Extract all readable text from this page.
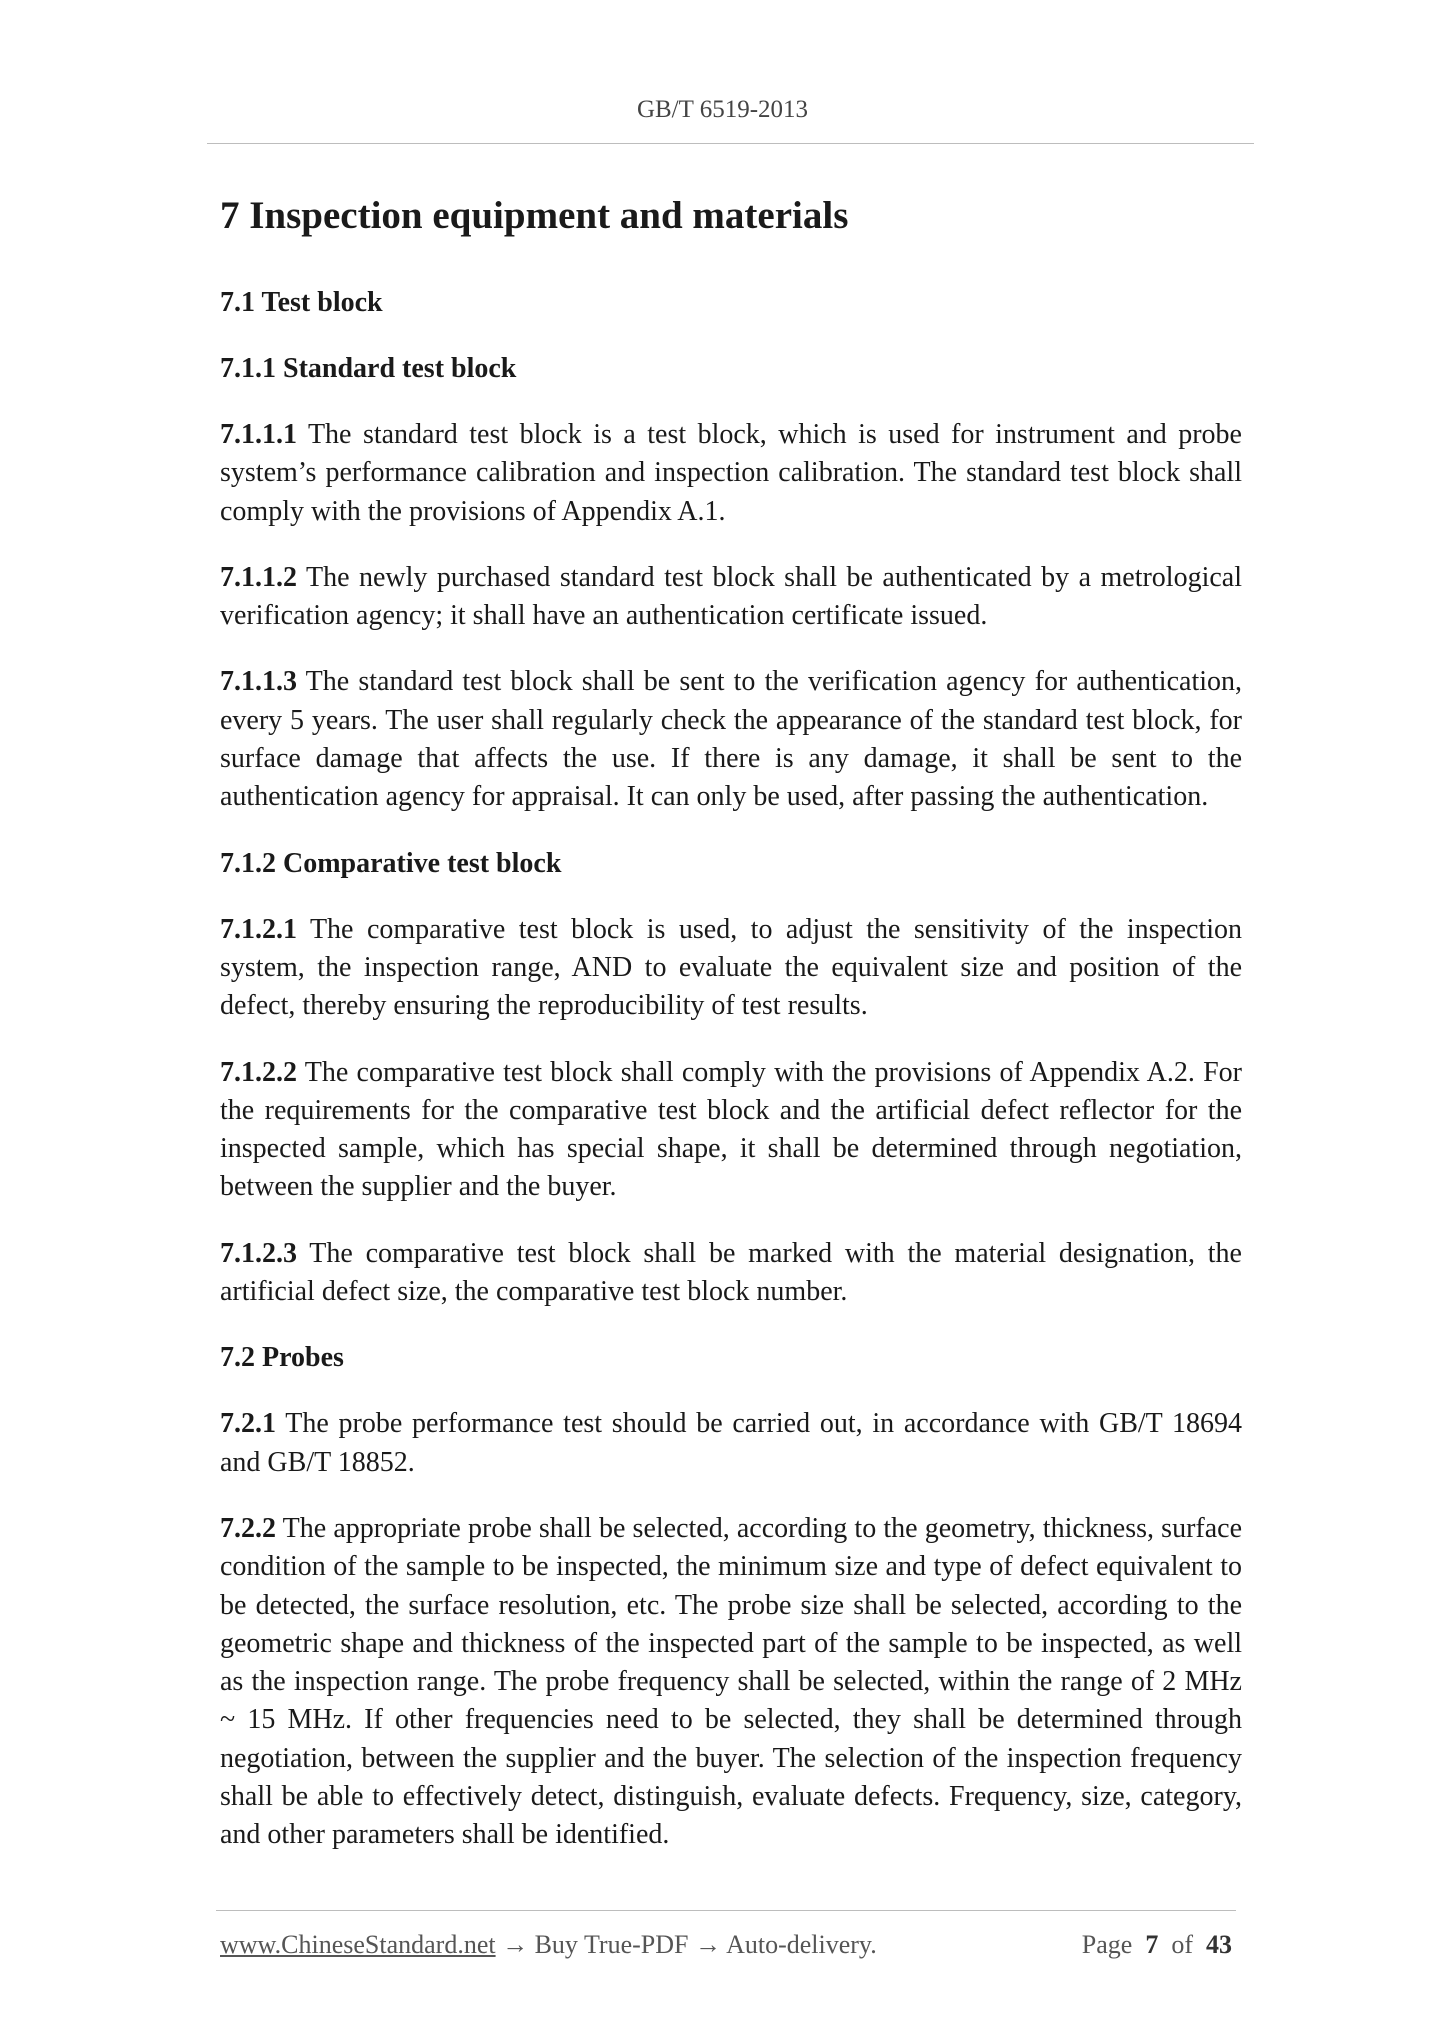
GB/T 6519-2013
7 Inspection equipment and materials
7.1 Test block
7.1.1 Standard test block

7.1.1.1 The standard test block is a test block, which is used for instrument and probe system’s performance calibration and inspection calibration. The standard test block shall comply with the provisions of Appendix A.1.

7.1.1.2 The newly purchased standard test block shall be authenticated by a metrological verification agency; it shall have an authentication certificate issued.

7.1.1.3 The standard test block shall be sent to the verification agency for authentication, every 5 years. The user shall regularly check the appearance of the standard test block, for surface damage that affects the use. If there is any damage, it shall be sent to the authentication agency for appraisal. It can only be used, after passing the authentication.

7.1.2 Comparative test block

7.1.2.1 The comparative test block is used, to adjust the sensitivity of the inspection system, the inspection range, AND to evaluate the equivalent size and position of the defect, thereby ensuring the reproducibility of test results.

7.1.2.2 The comparative test block shall comply with the provisions of Appendix A.2. For the requirements for the comparative test block and the artificial defect reflector for the inspected sample, which has special shape, it shall be determined through negotiation, between the supplier and the buyer.

7.1.2.3 The comparative test block shall be marked with the material designation, the artificial defect size, the comparative test block number.

7.2 Probes

7.2.1 The probe performance test should be carried out, in accordance with GB/T 18694 and GB/T 18852.

7.2.2 The appropriate probe shall be selected, according to the geometry, thickness, surface condition of the sample to be inspected, the minimum size and type of defect equivalent to be detected, the surface resolution, etc. The probe size shall be selected, according to the geometric shape and thickness of the inspected part of the sample to be inspected, as well as the inspection range. The probe frequency shall be selected, within the range of 2 MHz ~ 15 MHz. If other frequencies need to be selected, they shall be determined through negotiation, between the supplier and the buyer. The selection of the inspection frequency shall be able to effectively detect, distinguish, evaluate defects. Frequency, size, category, and other parameters shall be identified.

www.ChineseStandard.net → Buy True-PDF → Auto-delivery.	Page 7 of 43
